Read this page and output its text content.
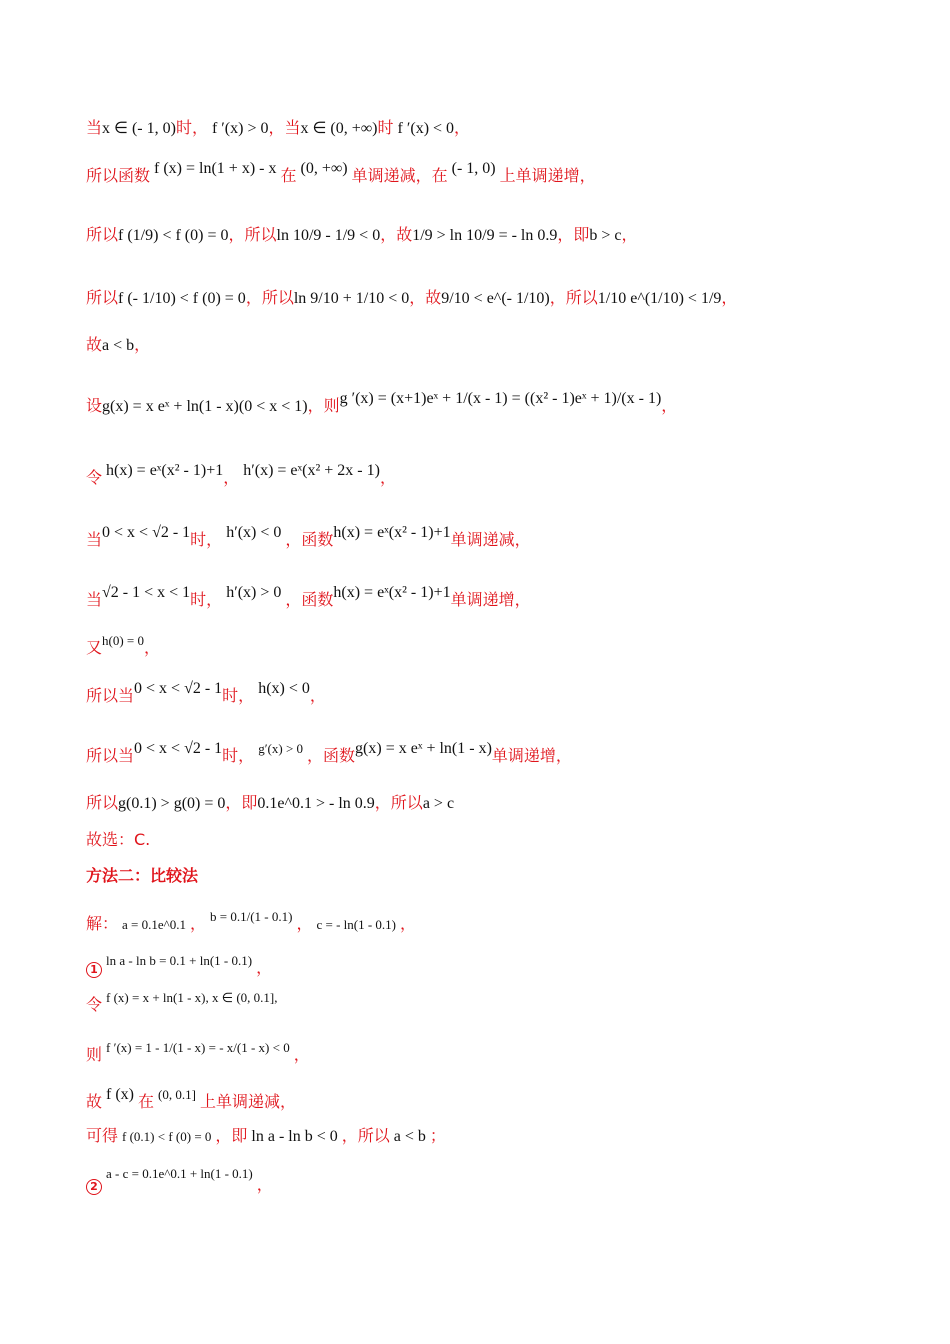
当x ∈ (- 1, 0)时， f ′(x) > 0，当x ∈ (0, +∞)时 f ′(x) < 0，
所以函数 f (x) = ln(1 + x) - x 在 (0, +∞) 单调递减，在 (- 1, 0) 上单调递增，
所以f (1/9) < f (0) = 0，所以ln 10/9 - 1/9 < 0，故1/9 > ln 10/9 = - ln 0.9，即b > c，
所以f (- 1/10) < f (0) = 0，所以ln 9/10 + 1/10 < 0，故9/10 < e^(- 1/10)，所以1/10 e^(1/10) < 1/9，
故a < b，
设g(x) = x eˣ + ln(1 - x)(0 < x < 1)，则g ′(x) = (x+1)eˣ + 1/(x - 1) = ((x² - 1)eˣ + 1)/(x - 1)，
令 h(x) = eˣ(x² - 1)+1， h′(x) = eˣ(x² + 2x - 1)，
当0 < x < √2 - 1时， h′(x) < 0 ，函数h(x) = eˣ(x² - 1)+1单调递减，
当√2 - 1 < x < 1时， h′(x) > 0 ，函数h(x) = eˣ(x² - 1)+1单调递增，
又$^{h(0) = 0}$，
所以当0 < x < √2 - 1时， h(x) < 0，
所以当0 < x < √2 - 1时， $^{g'(x) > 0}$ ，函数g(x) = x eˣ + ln(1 - x)单调递增，
所以g(0.1) > g(0) = 0，即0.1e^0.1 > - ln 0.9，所以a > c
故选：C.
方法二：比较法
解： a = 0.1e^0.1 ， $^{b = 0.1/(1 - 0.1)}$ ， c = - ln(1 - 0.1) ，
1 $^{ln a - ln b = 0.1 + ln(1 - 0.1)}$ ，
令 $^{f (x) = x + ln(1 - x), x \in (0, 0.1],}$
则 $^{f '(x) = 1 - 1/(1 - x) = - x/(1 - x) < 0}$ ，
故 f (x) 在 $^{(0, 0.1]}$ 上单调递减，
可得 f (0.1) < f (0) = 0 ，即 ln a - ln b < 0 ，所以 a < b ；
2 $^{a - c = 0.1e\^{}0.1 + ln(1 - 0.1)}$ ，
